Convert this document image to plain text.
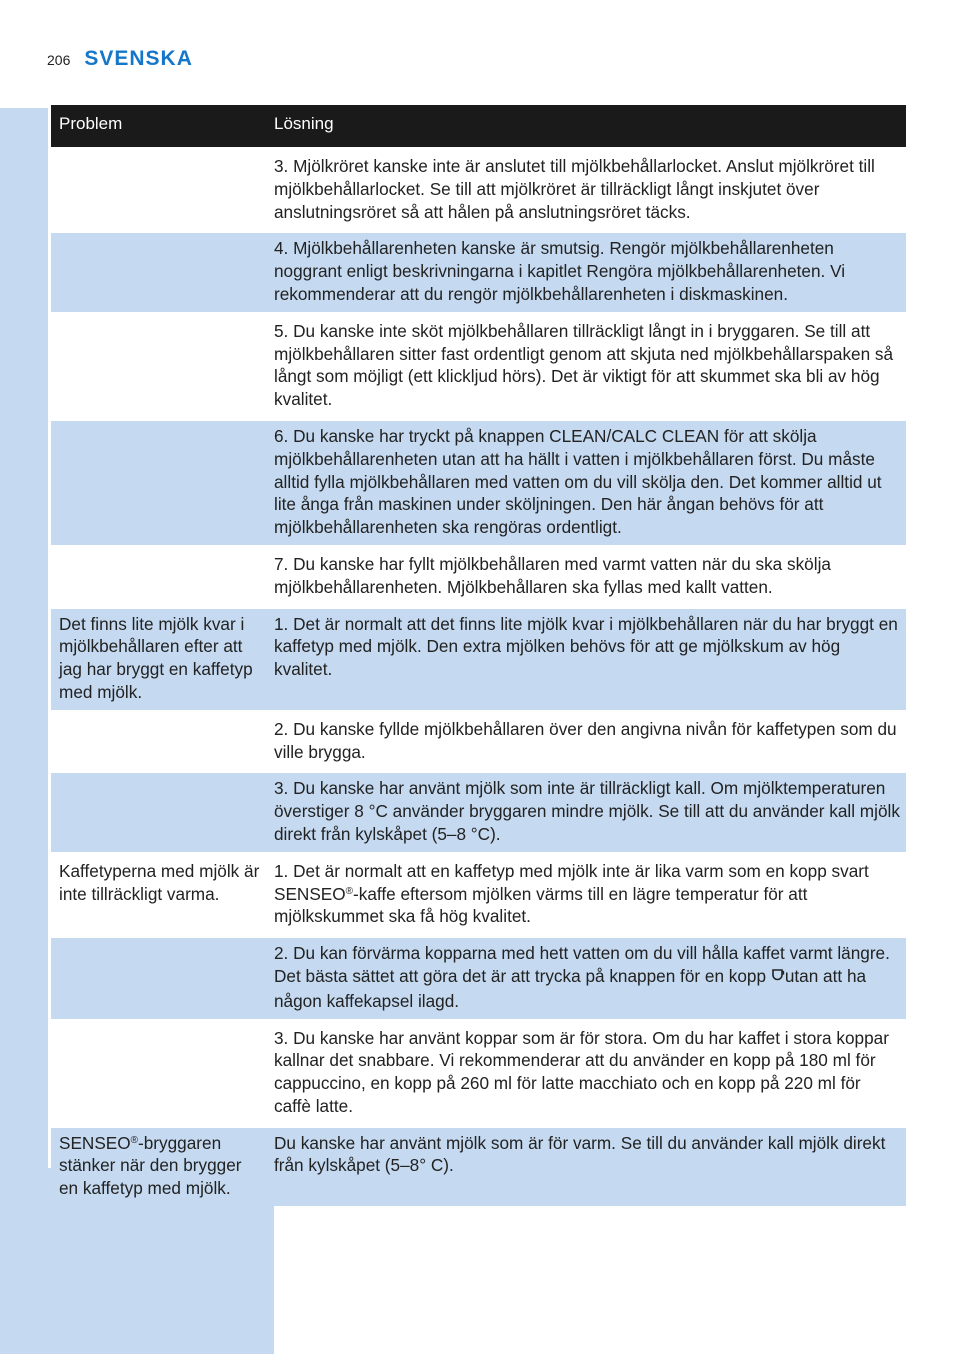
206 SVENSKA
Problem	Lösning
	3. Mjölkröret kanske inte är anslutet till mjölkbehållarlocket. Anslut mjölkröret till mjölkbehållarlocket. Se till att mjölkröret är tillräckligt långt inskjutet över anslutningsröret så att hålen på anslutningsröret täcks.
	4. Mjölkbehållarenheten kanske är smutsig. Rengör mjölkbehållarenheten noggrant enligt beskrivningarna i kapitlet Rengöra mjölkbehållarenheten. Vi rekommenderar att du rengör mjölkbehållarenheten i diskmaskinen.
	5. Du kanske inte sköt mjölkbehållaren tillräckligt långt in i bryggaren. Se till att mjölkbehållaren sitter fast ordentligt genom att skjuta ned mjölkbehållarspaken så långt som möjligt (ett klickljud hörs). Det är viktigt för att skummet ska bli av hög kvalitet.
	6. Du kanske har tryckt på knappen CLEAN/CALC CLEAN för att skölja mjölkbehållarenheten utan att ha hällt i vatten i mjölkbehållaren först. Du måste alltid fylla mjölkbehållaren med vatten om du vill skölja den. Det kommer alltid ut lite ånga från maskinen under sköljningen. Den här ångan behövs för att mjölkbehållarenheten ska rengöras ordentligt.
	7. Du kanske har fyllt mjölkbehållaren med varmt vatten när du ska skölja mjölkbehållarenheten. Mjölkbehållaren ska fyllas med kallt vatten.
Det finns lite mjölk kvar i mjölkbehållaren efter att jag har bryggt en kaffetyp med mjölk.	1. Det är normalt att det finns lite mjölk kvar i mjölkbehållaren när du har bryggt en kaffetyp med mjölk. Den extra mjölken behövs för att ge mjölkskum av hög kvalitet.
	2. Du kanske fyllde mjölkbehållaren över den angivna nivån för kaffetypen som du ville brygga.
	3. Du kanske har använt mjölk som inte är tillräckligt kall. Om mjölktemperaturen överstiger 8 °C använder bryggaren mindre mjölk. Se till att du använder kall mjölk direkt från kylskåpet (5–8 °C).
Kaffetyperna med mjölk är inte tillräckligt varma.	1. Det är normalt att en kaffetyp med mjölk inte är lika varm som en kopp svart SENSEO®-kaffe eftersom mjölken värms till en lägre temperatur för att mjölkskummet ska få hög kvalitet.
	2. Du kan förvärma kopparna med hett vatten om du vill hålla kaffet varmt längre. Det bästa sättet att göra det är att trycka på knappen för en kopp utan att ha någon kaffekapsel ilagd.
	3. Du kanske har använt koppar som är för stora. Om du har kaffet i stora koppar kallnar det snabbare. Vi rekommenderar att du använder en kopp på 180 ml för cappuccino, en kopp på 260 ml för latte macchiato och en kopp på 220 ml för caffè latte.
SENSEO®-bryggaren stänker när den brygger en kaffetyp med mjölk.	Du kanske har använt mjölk som är för varm. Se till du använder kall mjölk direkt från kylskåpet (5–8° C).
